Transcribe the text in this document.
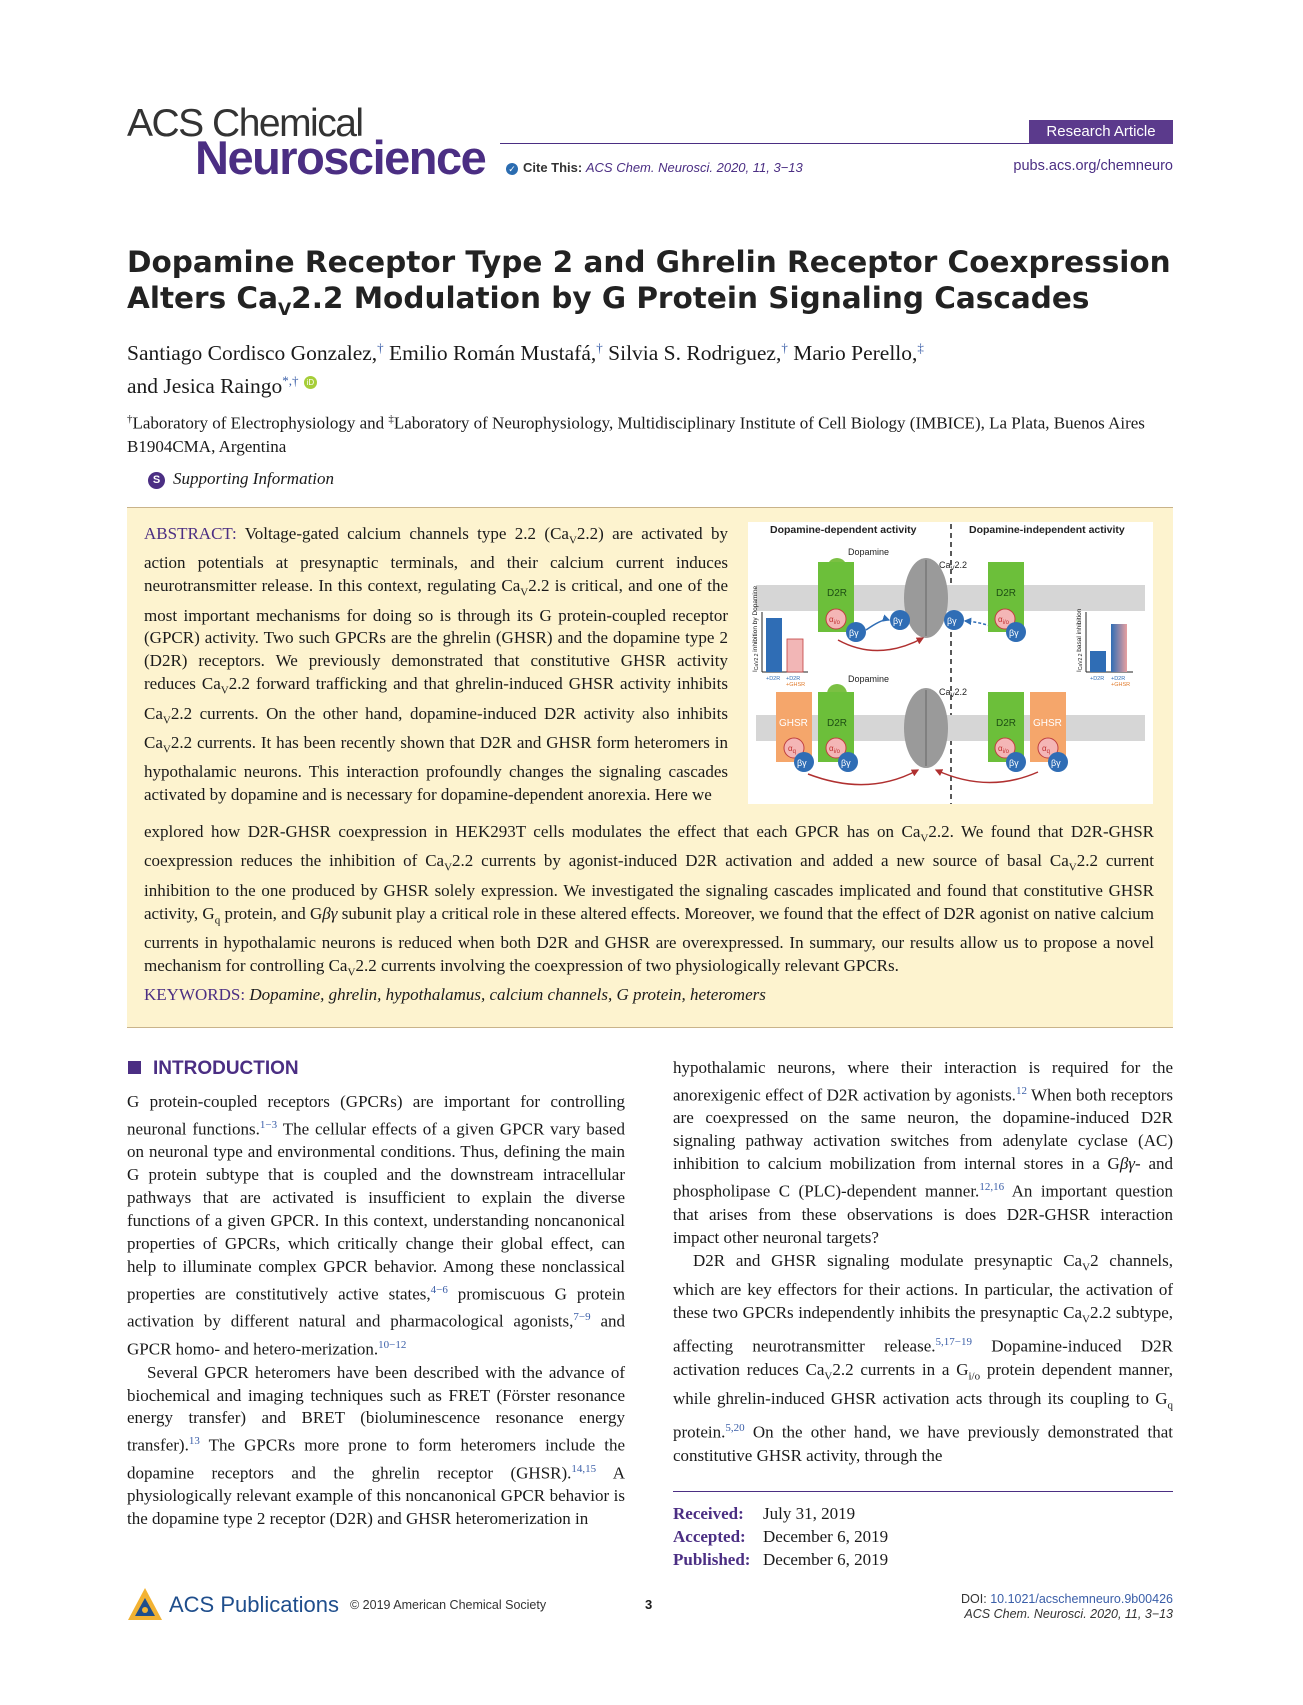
ACS Chemical
Neuroscience	Research Article
✓ Cite This: ACS Chem. Neurosci. 2020, 11, 3−13	pubs.acs.org/chemneuro
Dopamine Receptor Type 2 and Ghrelin Receptor Coexpression
Alters $Ca_V2.2$ Modulation by G Protein Signaling Cascades
Santiago Cordisco Gonzalez,† Emilio Román Mustafá,† Silvia S. Rodriguez,† Mario Perello,‡
and Jesica Raingo*,† iD
†Laboratory of Electrophysiology and ‡Laboratory of Neurophysiology, Multidisciplinary Institute of Cell Biology (IMBICE), La Plata, Buenos Aires B1904CMA, Argentina
S Supporting Information
ABSTRACT: Voltage-gated calcium channels type 2.2 $(Ca_V2.2)$ are activated by action potentials at presynaptic terminals, and their calcium current induces neurotransmitter release. In this context, regulating $Ca_V2.2$ is critical, and one of the most important mechanisms for doing so is through its G protein-coupled receptor (GPCR) activity. Two such GPCRs are the ghrelin (GHSR) and the dopamine type 2 (D2R) receptors. We previously demonstrated that constitutive GHSR activity reduces $Ca_V2.2$ forward trafficking and that ghrelin-induced GHSR activity inhibits $Ca_V2.2$ currents. On the other hand, dopamine-induced D2R activity also inhibits $Ca_V2.2$ currents. It has been recently shown that D2R and GHSR form heteromers in hypothalamic neurons. This interaction profoundly changes the signaling cascades activated by dopamine and is necessary for dopamine-dependent anorexia. Here we
explored how D2R-GHSR coexpression in HEK293T cells modulates the effect that each GPCR has on $Ca_V2.2$. We found that D2R-GHSR coexpression reduces the inhibition of $Ca_V2.2$ currents by agonist-induced D2R activation and added a new source of basal $Ca_V2.2$ current inhibition to the one produced by GHSR solely expression. We investigated the signaling cascades implicated and found that constitutive GHSR activity, $G_q$ protein, and Gβγ subunit play a critical role in these altered effects. Moreover, we found that the effect of D2R agonist on native calcium currents in hypothalamic neurons is reduced when both D2R and GHSR are overexpressed. In summary, our results allow us to propose a novel mechanism for controlling $Ca_V2.2$ currents involving the coexpression of two physiologically relevant GPCRs.
KEYWORDS: Dopamine, ghrelin, hypothalamus, calcium channels, G protein, heteromers
Dopamine-dependent activity	Dopamine-independent activity
Dopamine
D2R
$\alpha_{i/o}$
βγ
$Ca_V2.2$
βγ	βγ
D2R
$\alpha_{i/o}$
βγ
ICaV2.2 inhibition by Dopamine
+D2R +D2R
+GHSR
ICaV2.2 basal inhibition
+D2R +D2R
+GHSR
Dopamine
GHSR
$\alpha_q$
βγ
D2R
$\alpha_{i/o}$
βγ
$Ca_V2.2$
D2R
$\alpha_{i/o}$
βγ
GHSR
$\alpha_q$
βγ
INTRODUCTION

G protein-coupled receptors (GPCRs) are important for controlling neuronal functions.$^{1-3}$ The cellular effects of a given GPCR vary based on neuronal type and environmental conditions. Thus, defining the main G protein subtype that is coupled and the downstream intracellular pathways that are activated is insufficient to explain the diverse functions of a given GPCR. In this context, understanding noncanonical properties of GPCRs, which critically change their global effect, can help to illuminate complex GPCR behavior. Among these nonclassical properties are constitutively active states,$^{4-6}$ promiscuous G protein activation by different natural and pharmacological agonists,$^{7-9}$ and GPCR homo- and hetero-merization.$^{10-12}$

Several GPCR heteromers have been described with the advance of biochemical and imaging techniques such as FRET (Förster resonance energy transfer) and BRET (bioluminescence resonance energy transfer).$^{13}$ The GPCRs more prone to form heteromers include the dopamine receptors and the ghrelin receptor (GHSR).$^{14,15}$ A physiologically relevant example of this noncanonical GPCR behavior is the dopamine type 2 receptor (D2R) and GHSR heteromerization in

hypothalamic neurons, where their interaction is required for the anorexigenic effect of D2R activation by agonists.$^{12}$ When both receptors are coexpressed on the same neuron, the dopamine-induced D2R signaling pathway activation switches from adenylate cyclase (AC) inhibition to calcium mobilization from internal stores in a Gβγ- and phospholipase C (PLC)-dependent manner.$^{12,16}$ An important question that arises from these observations is does D2R-GHSR interaction impact other neuronal targets?

D2R and GHSR signaling modulate presynaptic $Ca_V2$ channels, which are key effectors for their actions. In particular, the activation of these two GPCRs independently inhibits the presynaptic $Ca_V2.2$ subtype, affecting neurotransmitter release.$^{5,17-19}$ Dopamine-induced D2R activation reduces $Ca_V2.2$ currents in a $G_{i/o}$ protein dependent manner, while ghrelin-induced GHSR activation acts through its coupling to $G_q$ protein.$^{5,20}$ On the other hand, we have previously demonstrated that constitutive GHSR activity, through the

Received: July 31, 2019
Accepted: December 6, 2019
Published: December 6, 2019
ACS Publications © 2019 American Chemical Society	3	DOI: 10.1021/acschemneuro.9b00426
ACS Chem. Neurosci. 2020, 11, 3−13
